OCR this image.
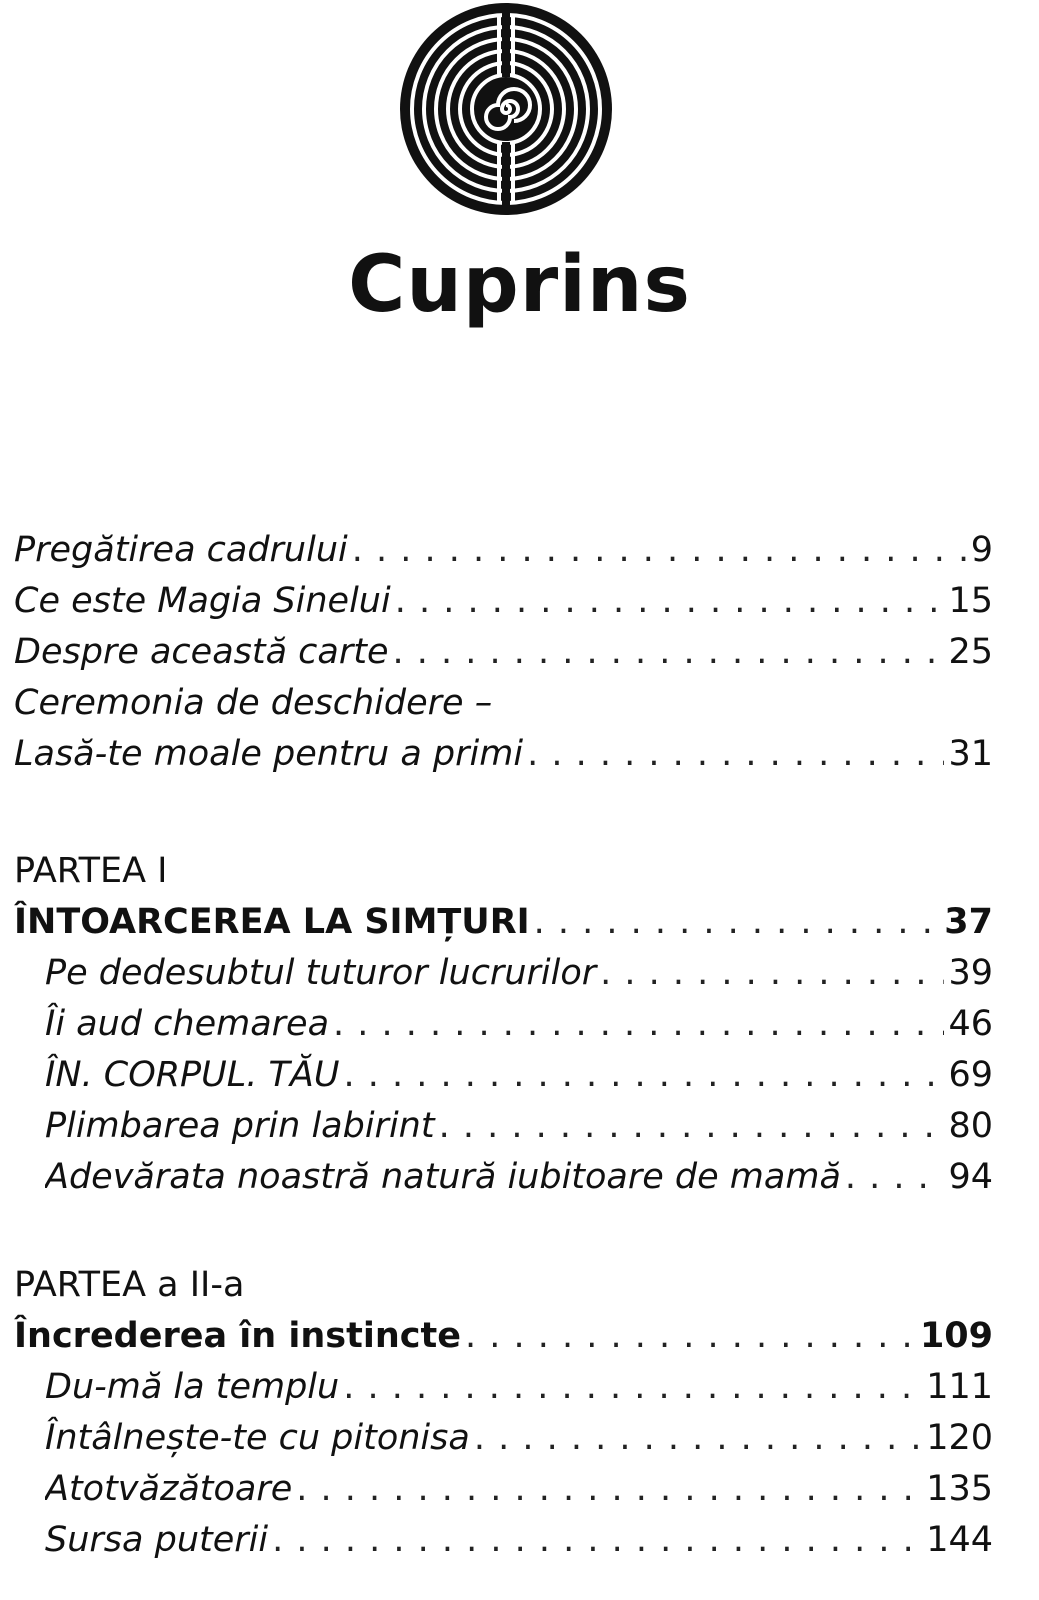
Cuprins
Pregătirea cadrului . . .	9
Ce este Magia Sinelui . . .	15
Despre această carte . . .	25
Ceremonia de deschidere –
Lasă-te moale pentru a primi . . .	31
PARTEA I
ÎNTOARCEREA LA SIMȚURI . . .	37
Pe dedesubtul tuturor lucrurilor . . .	39
Îi aud chemarea . . .	46
ÎN. CORPUL. TĂU . . .	69
Plimbarea prin labirint . . .	80
Adevărata noastră natură iubitoare de mamă . . .	94
PARTEA a II-a
Încrederea în instincte . . .	109
Du-mă la templu . . .	111
Întâlnește-te cu pitonisa . . .	120
Atotvăzătoare . . .	135
Sursa puterii . . .	144
